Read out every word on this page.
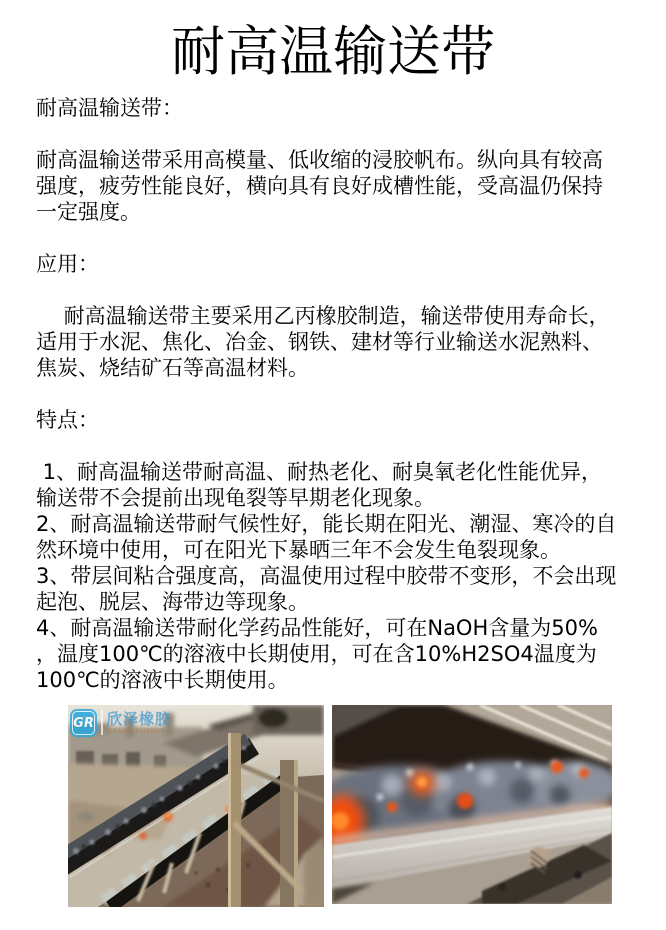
耐高温输送带
耐高温输送带：
耐高温输送带采用高模量、低收缩的浸胶帆布。纵向具有较高
强度，疲劳性能良好，横向具有良好成槽性能，受高温仍保持
一定强度。
应用：
　 耐高温输送带主要采用乙丙橡胶制造，输送带使用寿命长，
适用于水泥、焦化、冶金、钢铁、建材等行业输送水泥熟料、
焦炭、烧结矿石等高温材料。
特点：
1、耐高温输送带耐高温、耐热老化、耐臭氧老化性能优异，
输送带不会提前出现龟裂等早期老化现象。
2、耐高温输送带耐气候性好，能长期在阳光、潮湿、寒冷的自
然环境中使用，可在阳光下暴晒三年不会发生龟裂现象。
3、带层间粘合强度高，高温使用过程中胶带不变形，不会出现
起泡、脱层、海带边等现象。
4、耐高温输送带耐化学药品性能好，可在NaOH含量为50%
，温度100℃的溶液中长期使用，可在含10%H2SO4温度为
100℃的溶液中长期使用。
GR 欣泽橡胶
GRAND RUBBER
